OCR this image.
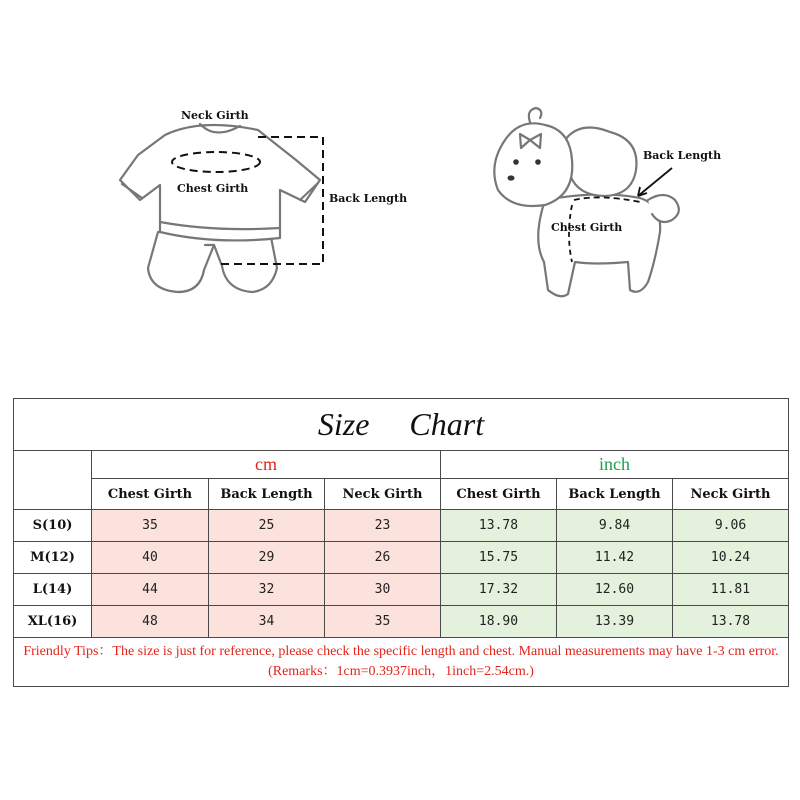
Neck Girth
Chest Girth
Back Length
Back Length
Chest Girth
Size Chart						
	cm			inch		
	Chest Girth	Back Length	Neck Girth	Chest Girth	Back Length	Neck Girth
S(10)	35	25	23	13.78	9.84	9.06
M(12)	40	29	26	15.75	11.42	10.24
L(14)	44	32	30	17.32	12.60	11.81
XL(16)	48	34	35	18.90	13.39	13.78
Friendly Tips：The size is just for reference, please check the specific length and chest. Manual measurements may have 1-3 cm error. (Remarks：1cm=0.3937inch，1inch=2.54cm.)						
